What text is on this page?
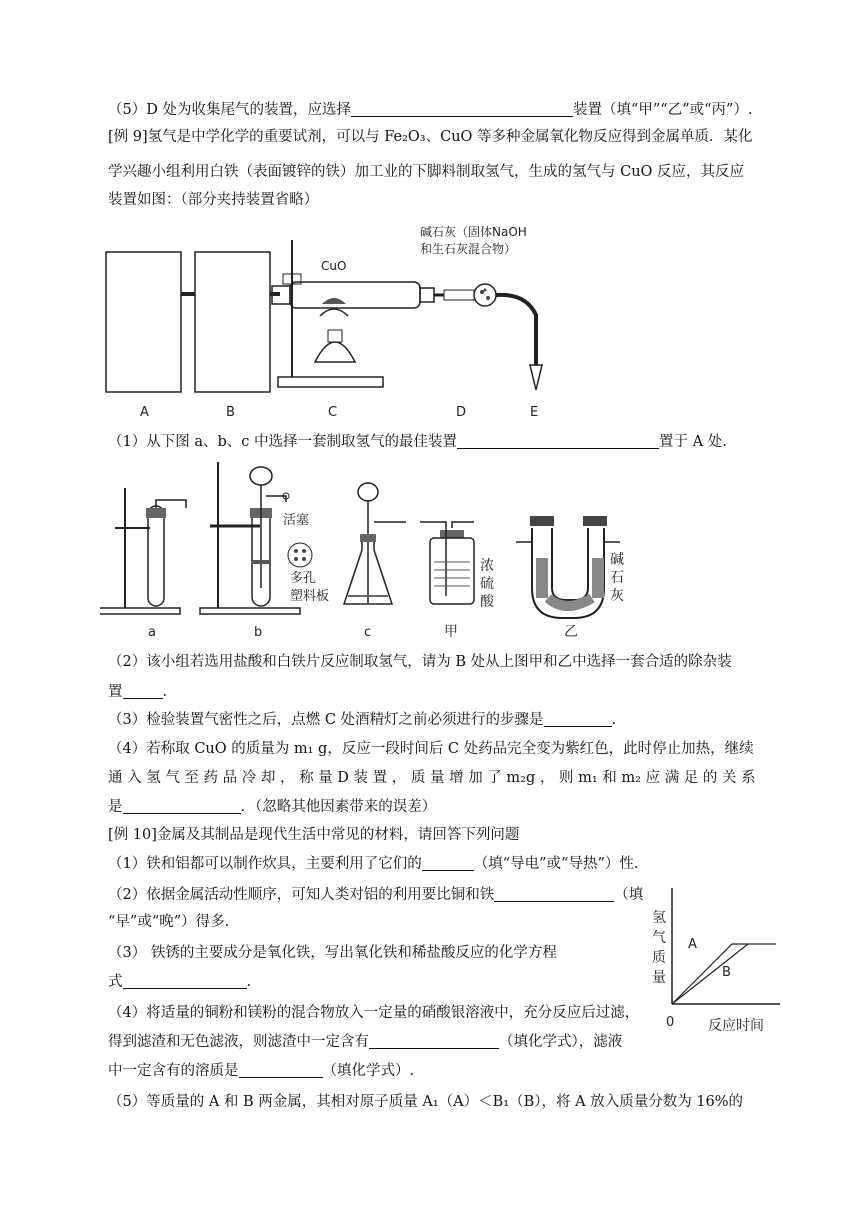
（5）D 处为收集尾气的装置，应选择	装置（填“甲”“乙”或“丙”）.
[例 9]氢气是中学化学的重要试剂，可以与 Fe₂O₃、CuO 等多种金属氧化物反应得到金属单质．某化
学兴趣小组利用白铁（表面镀锌的铁）加工业的下脚料制取氢气，生成的氢气与 CuO 反应，其反应
装置如图：（部分夹持装置省略）
CuO
碱石灰（固体NaOH
和生石灰混合物）
A	B	C	D	E
（1）从下图 a、b、c 中选择一套制取氢气的最佳装置	置于 A 处.
活塞
多孔
塑料板
浓
硫
酸
碱
石
灰
a	b	c	甲	乙
（2）该小组若选用盐酸和白铁片反应制取氢气，请为 B 处从上图甲和乙中选择一套合适的除杂装
置	.
（3）检验装置气密性之后，点燃 C 处酒精灯之前必须进行的步骤是	.
（4）若称取 CuO 的质量为 m₁ g，反应一段时间后 C 处药品完全变为紫红色，此时停止加热，继续
通 入 氢 气 至 药 品 冷 却 ， 称 量 D 装 置 ， 质 量 增 加 了 m₂g ， 则 m₁ 和 m₂ 应 满 足 的 关 系
是	．（忽略其他因素带来的误差）
[例 10]金属及其制品是现代生活中常见的材料，请回答下列问题
（1）铁和铝都可以制作炊具，主要利用了它们的	（填“导电”或“导热”）性.
（2）依据金属活动性顺序，可知人类对铝的利用要比铜和铁	（填
“早”或“晚”）得多.
（3） 铁锈的主要成分是氧化铁，写出氧化铁和稀盐酸反应的化学方程
式	.
（4）将适量的铜粉和镁粉的混合物放入一定量的硝酸银溶液中，充分反应后过滤，
得到滤渣和无色滤液，则滤渣中一定含有	（填化学式），滤液
中一定含有的溶质是	（填化学式）.
（5）等质量的 A 和 B 两金属，其相对原子质量 A₁（A）＜B₁（B），将 A 放入质量分数为 16%的
A
B
氢
气
质
量
0 反应时间
